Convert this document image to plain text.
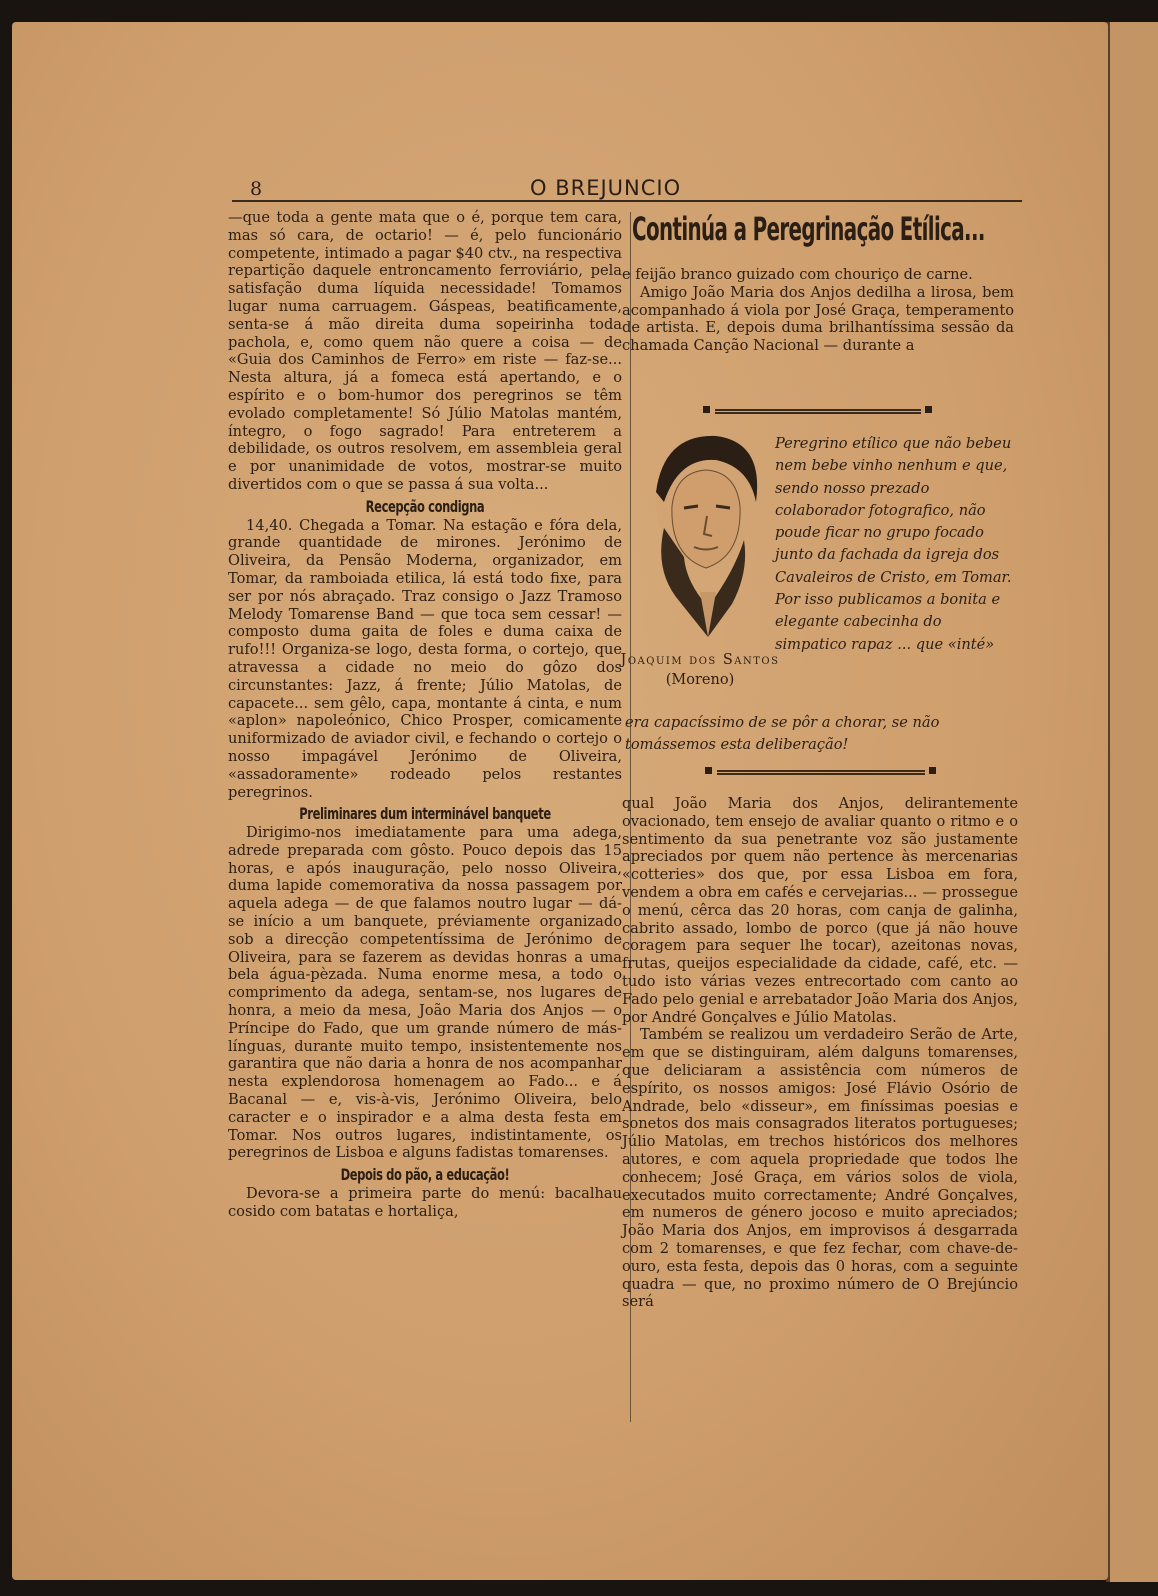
8	O BREJUNCIO

—que toda a gente mata que o é, porque tem cara, mas só cara, de octario! — é, pelo funcionário competente, intimado a pagar $40 ctv., na respectiva repartição daquele entroncamento ferroviário, pela satisfação duma líquida necessidade! Tomamos lugar numa carruagem. Gáspeas, beatificamente, senta-se á mão direita duma sopeirinha toda pachola, e, como quem não quere a coisa — de «Guia dos Caminhos de Ferro» em riste — faz-se... Nesta altura, já a fomeca está apertando, e o espírito e o bom-humor dos peregrinos se têm evolado completamente! Só Júlio Matolas mantém, íntegro, o fogo sagrado! Para entreterem a debilidade, os outros resolvem, em assembleia geral e por unanimidade de votos, mostrar-se muito divertidos com o que se passa á sua volta...

Recepção condigna

14,40. Chegada a Tomar. Na estação e fóra dela, grande quantidade de mirones. Jerónimo de Oliveira, da Pensão Moderna, organizador, em Tomar, da ramboiada etilica, lá está todo fixe, para ser por nós abraçado. Traz consigo o Jazz Tramoso Melody Tomarense Band — que toca sem cessar! — composto duma gaita de foles e duma caixa de rufo!!! Organiza-se logo, desta forma, o cortejo, que atravessa a cidade no meio do gôzo dos circunstantes: Jazz, á frente; Júlio Matolas, de capacete... sem gêlo, capa, montante á cinta, e num «aplon» napoleónico, Chico Prosper, comicamente uniformizado de aviador civil, e fechando o cortejo o nosso impagável Jerónimo de Oliveira, «assadoramente» rodeado pelos restantes peregrinos.

Preliminares dum interminável banquete

Dirigimo-nos imediatamente para uma adega, adrede preparada com gôsto. Pouco depois das 15 horas, e após inauguração, pelo nosso Oliveira, duma lapide comemorativa da nossa passagem por aquela adega — de que falamos noutro lugar — dá-se início a um banquete, préviamente organizado sob a direcção competentíssima de Jerónimo de Oliveira, para se fazerem as devidas honras a uma bela água-pèzada. Numa enorme mesa, a todo o comprimento da adega, sentam-se, nos lugares de honra, a meio da mesa, João Maria dos Anjos — o Príncipe do Fado, que um grande número de más-línguas, durante muito tempo, insistentemente nos garantira que não daria a honra de nos acompanhar nesta explendorosa homenagem ao Fado... e á Bacanal — e, vis-à-vis, Jerónimo Oliveira, belo caracter e o inspirador e a alma desta festa em Tomar. Nos outros lugares, indistintamente, os peregrinos de Lisboa e alguns fadistas tomarenses.

Depois do pão, a educação!

Devora-se a primeira parte do menú: bacalhau cosido com batatas e hortaliça,

Continúa a Peregrinação Etílica...

e feijão branco guizado com chouriço de carne.

Amigo João Maria dos Anjos dedilha a lirosa, bem acompanhado á viola por José Graça, temperamento de artista. E, depois duma brilhantíssima sessão da chamada Canção Nacional — durante a

Joaquim dos Santos
(Moreno)
Peregrino etílico que não bebeu nem bebe vinho nenhum e que, sendo nosso prezado colaborador fotografico, não poude ficar no grupo focado junto da fachada da igreja dos Cavaleiros de Cristo, em Tomar. Por isso publicamos a bonita e elegante cabecinha do simpatico rapaz ... que «inté»
era capacíssimo de se pôr a chorar, se não tomássemos esta deliberação!

qual João Maria dos Anjos, delirantemente ovacionado, tem ensejo de avaliar quanto o ritmo e o sentimento da sua penetrante voz são justamente apreciados por quem não pertence às mercenarias «cotteries» dos que, por essa Lisboa em fora, vendem a obra em cafés e cervejarias... — prossegue o menú, cêrca das 20 horas, com canja de galinha, cabrito assado, lombo de porco (que já não houve coragem para sequer lhe tocar), azeitonas novas, frutas, queijos especialidade da cidade, café, etc. — tudo isto várias vezes entrecortado com canto ao Fado pelo genial e arrebatador João Maria dos Anjos, por André Gonçalves e Júlio Matolas.

Também se realizou um verdadeiro Serão de Arte, em que se distinguiram, além dalguns tomarenses, que deliciaram a assistência com números de espírito, os nossos amigos: José Flávio Osório de Andrade, belo «disseur», em finíssimas poesias e sonetos dos mais consagrados literatos portugueses; Júlio Matolas, em trechos históricos dos melhores autores, e com aquela propriedade que todos lhe conhecem; José Graça, em vários solos de viola, executados muito correctamente; André Gonçalves, em numeros de género jocoso e muito apreciados; João Maria dos Anjos, em improvisos á desgarrada com 2 tomarenses, e que fez fechar, com chave-de-ouro, esta festa, depois das 0 horas, com a seguinte quadra — que, no proximo número de O Brejúncio será
